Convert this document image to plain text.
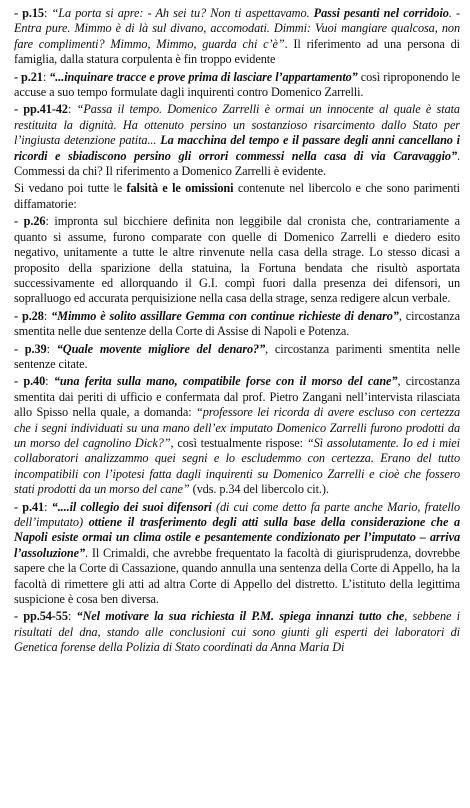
- p.15: “La porta si apre: - Ah sei tu? Non ti aspettavamo. Passi pesanti nel corridoio. - Entra pure. Mimmo è di là sul divano, accomodati. Dimmi: Vuoi mangiare qualcosa, non fare complimenti? Mimmo, Mimmo, guarda chi c’è”. Il riferimento ad una persona di famiglia, dalla statura corpulenta è fin troppo evidente

- p.21: “...inquinare tracce e prove prima di lasciare l’appartamento” così riproponendo le accuse a suo tempo formulate dagli inquirenti contro Domenico Zarrelli.

- pp.41-42: “Passa il tempo. Domenico Zarrelli è ormai un innocente al quale è stata restituita la dignità. Ha ottenuto persino un sostanzioso risarcimento dallo Stato per l’ingiusta detenzione patita... La macchina del tempo e il passare degli anni cancellano i ricordi e sbiadiscono persino gli orrori commessi nella casa di via Caravaggio”. Commessi da chi? Il riferimento a Domenico Zarrelli è evidente.

Si vedano poi tutte le falsità e le omissioni contenute nel libercolo e che sono parimenti diffamatorie:

- p.26: impronta sul bicchiere definita non leggibile dal cronista che, contrariamente a quanto si assume, furono comparate con quelle di Domenico Zarrelli e diedero esito negativo, unitamente a tutte le altre rinvenute nella casa della strage. Lo stesso dicasi a proposito della sparizione della statuina, la Fortuna bendata che risultò asportata successivamente ed allorquando il G.I. compì fuori dalla presenza dei difensori, un sopralluogo ed accurata perquisizione nella casa della strage, senza redigere alcun verbale.

- p.28: “Mimmo è solito assillare Gemma con continue richieste di denaro”, circostanza smentita nelle due sentenze della Corte di Assise di Napoli e Potenza.

- p.39: “Quale movente migliore del denaro?”, circostanza parimenti smentita nelle sentenze citate.

- p.40: “una ferita sulla mano, compatibile forse con il morso del cane”, circostanza smentita dai periti di ufficio e confermata dal prof. Pietro Zangani nell’intervista rilasciata allo Spisso nella quale, a domanda: “professore lei ricorda di avere escluso con certezza che i segni individuati su una mano dell’ex imputato Domenico Zarrelli furono prodotti da un morso del cagnolino Dick?”, così testualmente rispose: “Sì assolutamente. Io ed i miei collaboratori analizzammo quei segni e lo escludemmo con certezza. Erano del tutto incompatibili con l’ipotesi fatta dagli inquirenti su Domenico Zarrelli e cioè che fossero stati prodotti da un morso del cane” (vds. p.34 del libercolo cit.).

- p.41: “....il collegio dei suoi difensori (di cui come detto fa parte anche Mario, fratello dell’imputato) ottiene il trasferimento degli atti sulla base della considerazione che a Napoli esiste ormai un clima ostile e pesantemente condizionato per l’imputato – arriva l’assoluzione”. Il Crimaldi, che avrebbe frequentato la facoltà di giurisprudenza, dovrebbe sapere che la Corte di Cassazione, quando annulla una sentenza della Corte di Appello, ha la facoltà di rimettere gli atti ad altra Corte di Appello del distretto. L’istituto della legittima suspicione è cosa ben diversa.

- pp.54-55: “Nel motivare la sua richiesta il P.M. spiega innanzi tutto che, sebbene i risultati del dna, stando alle conclusioni cui sono giunti gli esperti dei laboratori di Genetica forense della Polizia di Stato coordinati da Anna Maria Di
